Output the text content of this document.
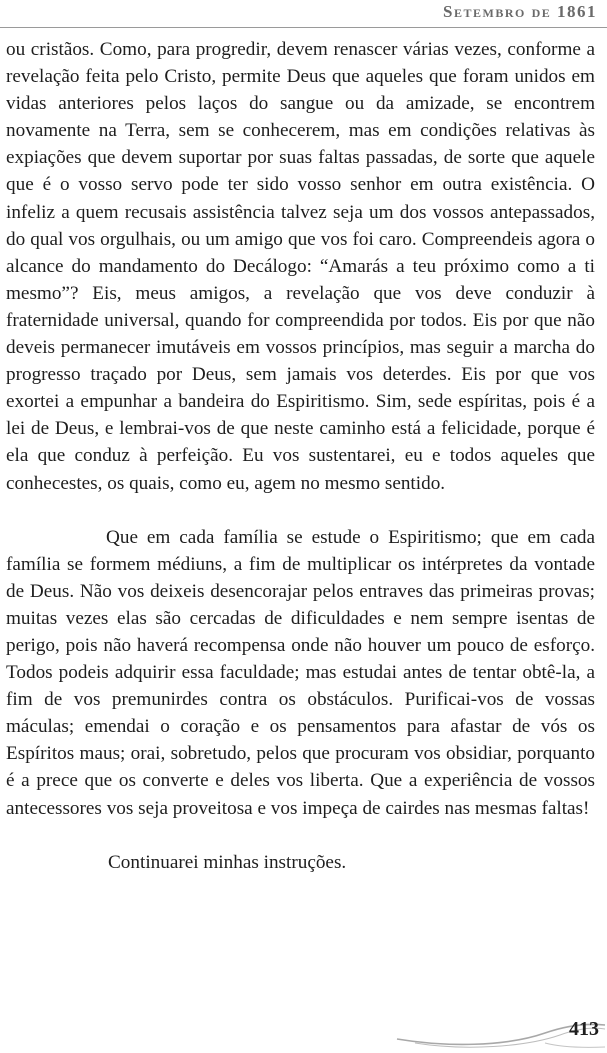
Setembro de 1861

ou cristãos. Como, para progredir, devem renascer várias vezes, conforme a revelação feita pelo Cristo, permite Deus que aqueles que foram unidos em vidas anteriores pelos laços do sangue ou da amizade, se encontrem novamente na Terra, sem se conhecerem, mas em condições relativas às expiações que devem suportar por suas faltas passadas, de sorte que aquele que é o vosso servo pode ter sido vosso senhor em outra existência. O infeliz a quem recusais assistência talvez seja um dos vossos antepassados, do qual vos orgulhais, ou um amigo que vos foi caro. Compreendeis agora o alcance do mandamento do Decálogo: “Amarás a teu próximo como a ti mesmo”? Eis, meus amigos, a revelação que vos deve conduzir à fraternidade universal, quando for compreendida por todos. Eis por que não deveis permanecer imutáveis em vossos princípios, mas seguir a marcha do progresso traçado por Deus, sem jamais vos deterdes. Eis por que vos exortei a empunhar a bandeira do Espiritismo. Sim, sede espíritas, pois é a lei de Deus, e lembrai-vos de que neste caminho está a felicidade, porque é ela que conduz à perfeição. Eu vos sustentarei, eu e todos aqueles que conhecestes, os quais, como eu, agem no mesmo sentido.

Que em cada família se estude o Espiritismo; que em cada família se formem médiuns, a fim de multiplicar os intérpretes da vontade de Deus. Não vos deixeis desencorajar pelos entraves das primeiras provas; muitas vezes elas são cercadas de dificuldades e nem sempre isentas de perigo, pois não haverá recompensa onde não houver um pouco de esforço. Todos podeis adquirir essa faculdade; mas estudai antes de tentar obtê-la, a fim de vos premunirdes contra os obstáculos. Purificai-vos de vossas máculas; emendai o coração e os pensamentos para afastar de vós os Espíritos maus; orai, sobretudo, pelos que procuram vos obsidiar, porquanto é a prece que os converte e deles vos liberta. Que a experiência de vossos antecessores vos seja proveitosa e vos impeça de cairdes nas mesmas faltas!

Continuarei minhas instruções.

413
